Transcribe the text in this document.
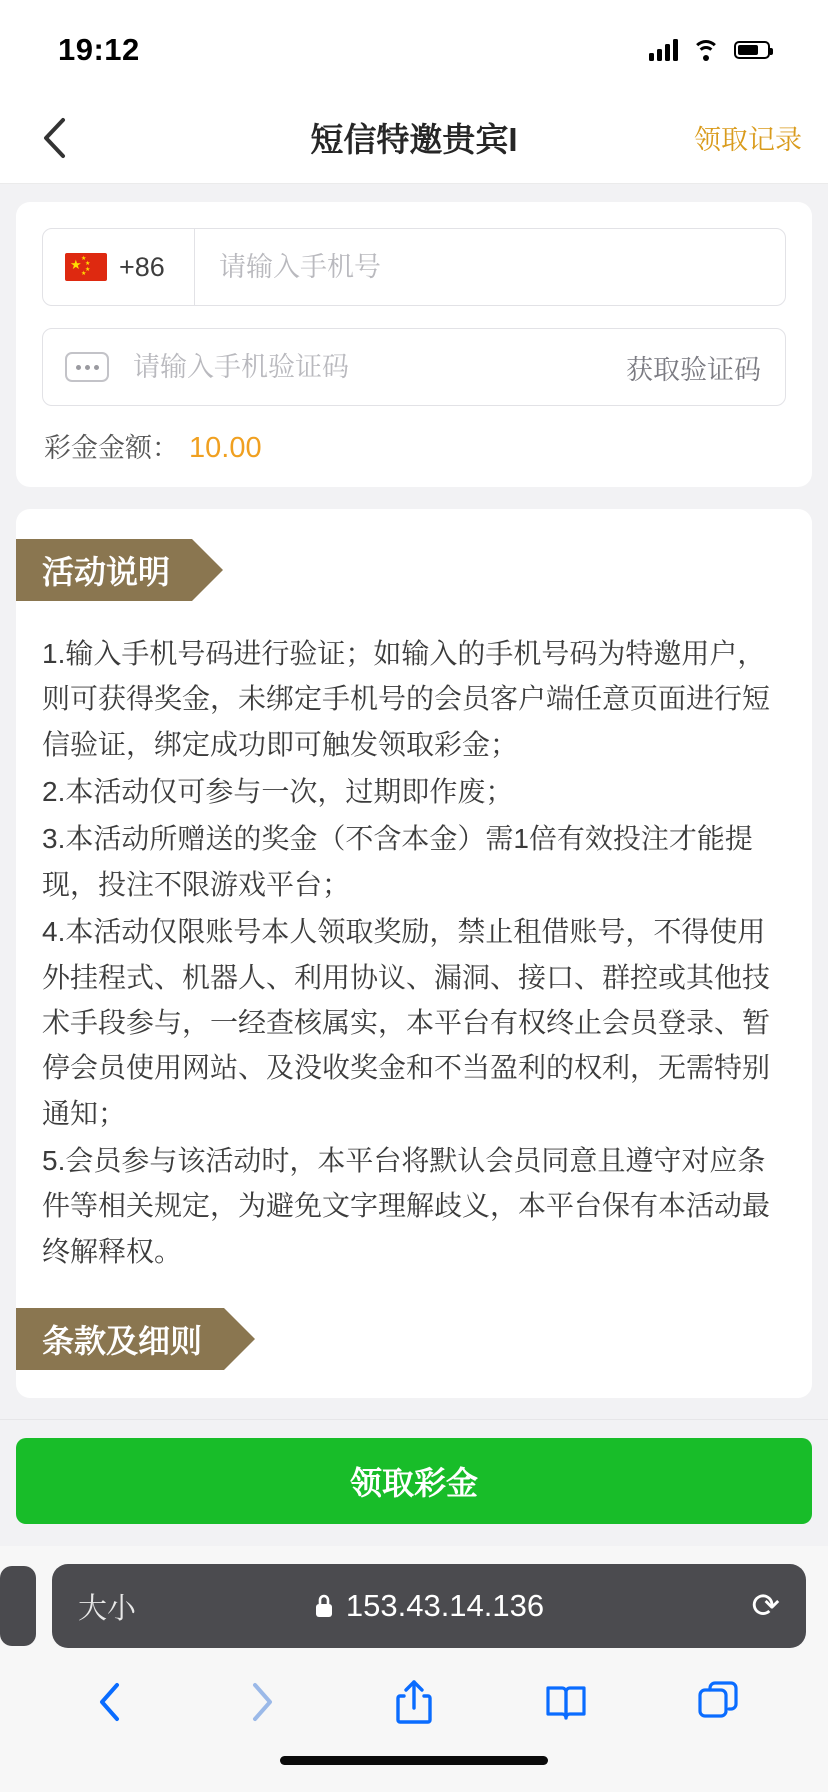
19:12
短信特邀贵宾I	领取记录
★ ★
★
★
★ +86
请输入手机号
请输入手机验证码
获取验证码
彩金金额： 10.00
活动说明

1.输入手机号码进行验证；如输入的手机号码为特邀用户，则可获得奖金，未绑定手机号的会员客户端任意页面进行短信验证，绑定成功即可触发领取彩金；

2.本活动仅可参与一次，过期即作废；

3.本活动所赠送的奖金（不含本金）需1倍有效投注才能提现，投注不限游戏平台；

4.本活动仅限账号本人领取奖励，禁止租借账号，不得使用外挂程式、机器人、利用协议、漏洞、接口、群控或其他技术手段参与，一经查核属实，本平台有权终止会员登录、暂停会员使用网站、及没收奖金和不当盈利的权利，无需特别通知；

5.会员参与该活动时，本平台将默认会员同意且遵守对应条件等相关规定，为避免文字理解歧义，本平台保有本活动最终解释权。

条款及细则
领取彩金
大小	153.43.14.136	⟳
